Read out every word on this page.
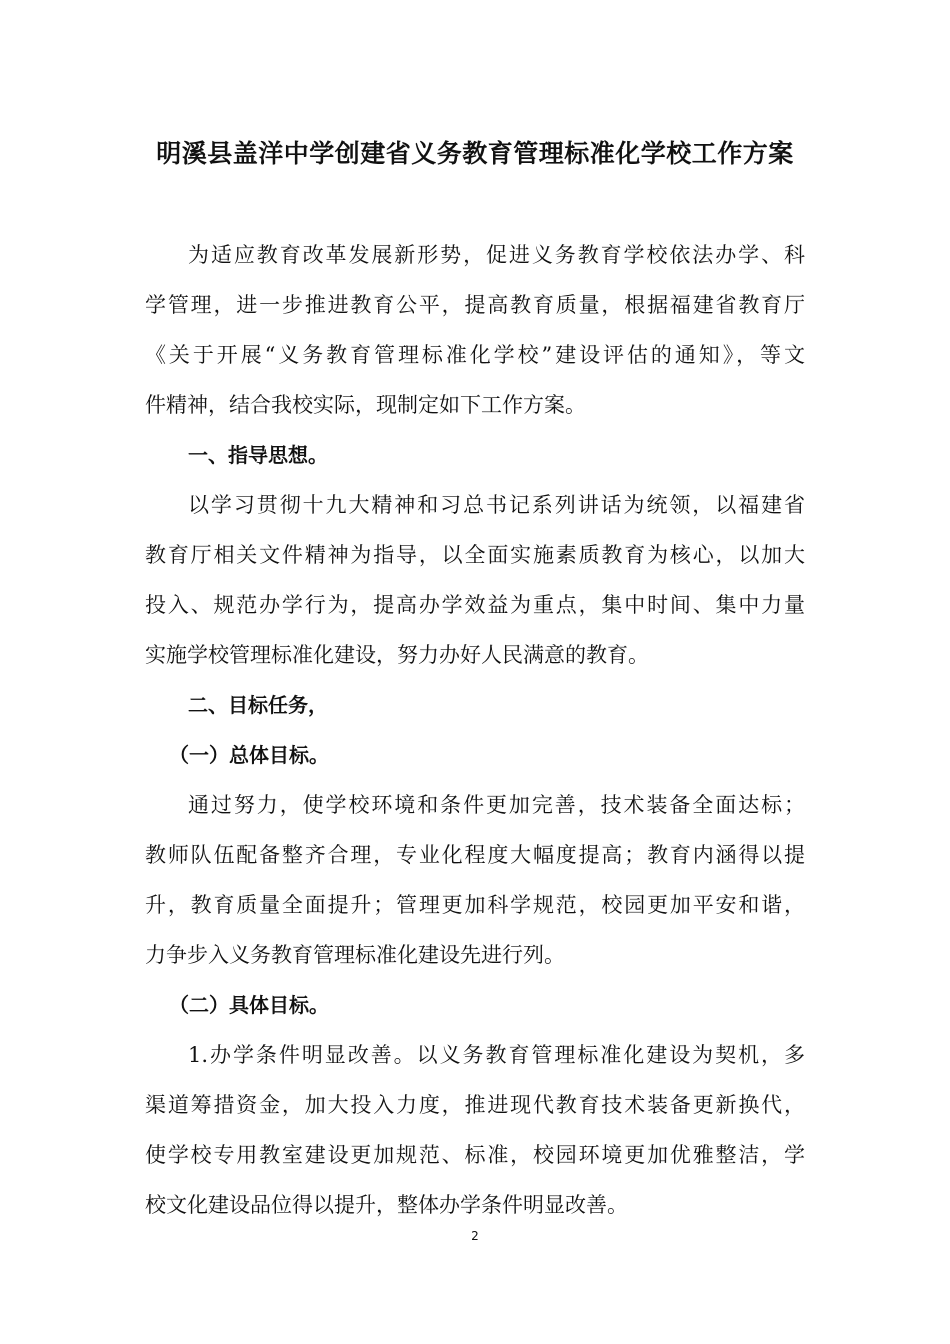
明溪县盖洋中学创建省义务教育管理标准化学校工作方案
为适应教育改革发展新形势，促进义务教育学校依法办学、科
学管理，进一步推进教育公平，提高教育质量，根据福建省教育厅
《关于开展“义务教育管理标准化学校”建设评估的通知》，等文
件精神，结合我校实际，现制定如下工作方案。
一、指导思想。
以学习贯彻十九大精神和习总书记系列讲话为统领，以福建省
教育厅相关文件精神为指导，以全面实施素质教育为核心，以加大
投入、规范办学行为，提高办学效益为重点，集中时间、集中力量
实施学校管理标准化建设，努力办好人民满意的教育。
二、目标任务，
（一）总体目标。
通过努力，使学校环境和条件更加完善，技术装备全面达标；
教师队伍配备整齐合理，专业化程度大幅度提高；教育内涵得以提
升，教育质量全面提升；管理更加科学规范，校园更加平安和谐，
力争步入义务教育管理标准化建设先进行列。
（二）具体目标。
1.办学条件明显改善。以义务教育管理标准化建设为契机，多
渠道筹措资金，加大投入力度，推进现代教育技术装备更新换代，
使学校专用教室建设更加规范、标准，校园环境更加优雅整洁，学
校文化建设品位得以提升，整体办学条件明显改善。
2
